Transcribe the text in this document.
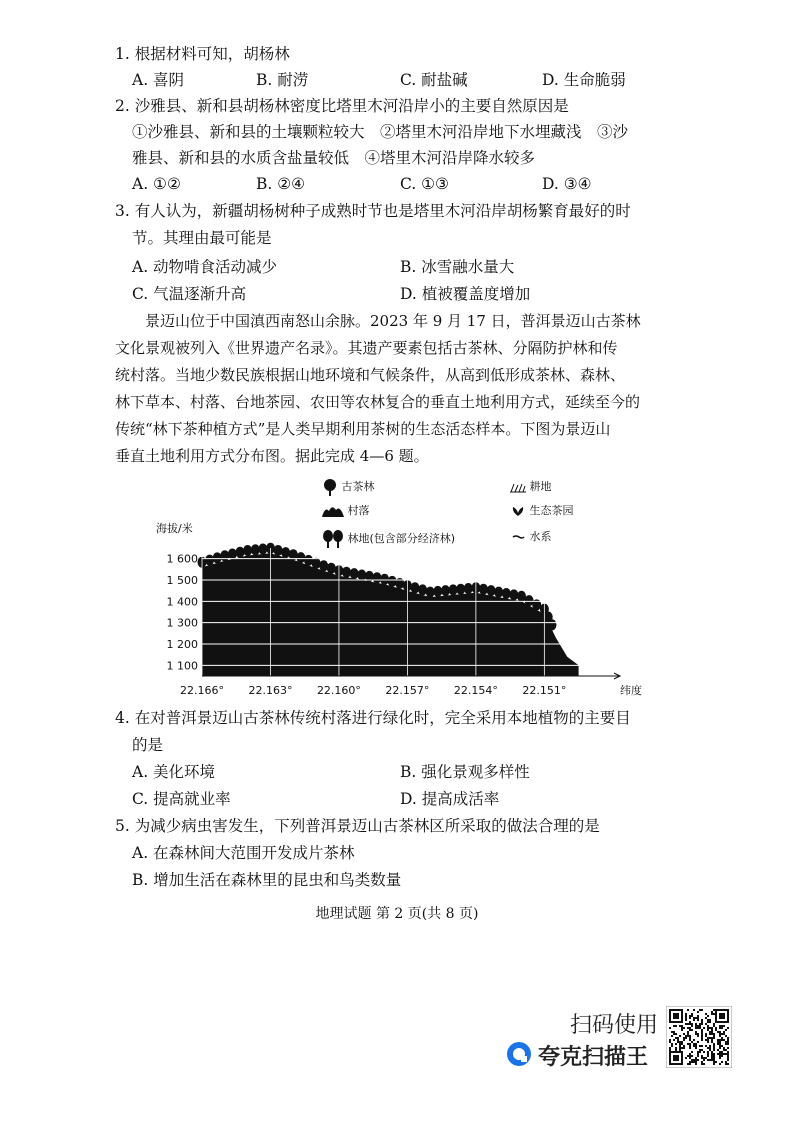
1. 根据材料可知，胡杨林
A. 喜阴	B. 耐涝	C. 耐盐碱	D. 生命脆弱
2. 沙雅县、新和县胡杨林密度比塔里木河沿岸小的主要自然原因是
①沙雅县、新和县的土壤颗粒较大　②塔里木河沿岸地下水埋藏浅　③沙
雅县、新和县的水质含盐量较低　④塔里木河沿岸降水较多
A. ①②	B. ②④	C. ①③	D. ③④
3. 有人认为，新疆胡杨树种子成熟时节也是塔里木河沿岸胡杨繁育最好的时
节。其理由最可能是
A. 动物啃食活动减少	B. 冰雪融水量大
C. 气温逐渐升高	D. 植被覆盖度增加
　　景迈山位于中国滇西南怒山余脉。2023 年 9 月 17 日，普洱景迈山古茶林
文化景观被列入《世界遗产名录》。其遗产要素包括古茶林、分隔防护林和传
统村落。当地少数民族根据山地环境和气候条件，从高到低形成茶林、森林、
林下草本、村落、台地茶园、农田等农林复合的垂直土地利用方式，延续至今的
传统“林下茶种植方式”是人类早期利用茶树的生态活态样本。下图为景迈山
垂直土地利用方式分布图。据此完成 4—6 题。
古茶林	耕地
村落	生态茶园
林地(包含部分经济林)	水系
海拔/米
纬度
1 100
1 200
1 300
1 400
1 500
1 600
22.166° 22.163° 22.160° 22.157° 22.154° 22.151°
4. 在对普洱景迈山古茶林传统村落进行绿化时，完全采用本地植物的主要目
的是
A. 美化环境	B. 强化景观多样性
C. 提高就业率	D. 提高成活率
5. 为减少病虫害发生，下列普洱景迈山古茶林区所采取的做法合理的是
A. 在森林间大范围开发成片茶林
B. 增加生活在森林里的昆虫和鸟类数量
地理试题 第 2 页(共 8 页)
扫码使用
夸克扫描王
